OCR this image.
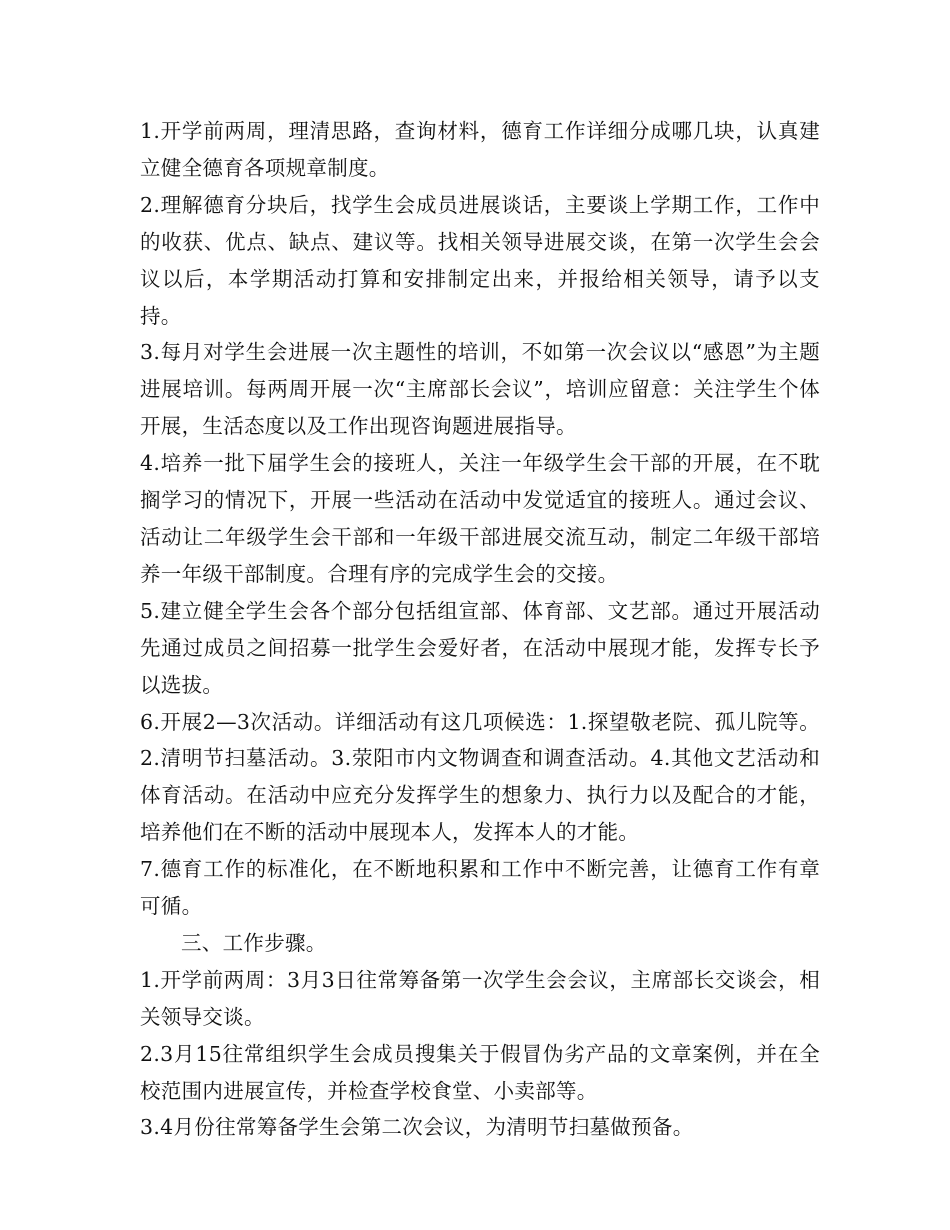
1.开学前两周，理清思路，查询材料，德育工作详细分成哪几块，认真建立健全德育各项规章制度。

2.理解德育分块后，找学生会成员进展谈话，主要谈上学期工作，工作中的收获、优点、缺点、建议等。找相关领导进展交谈，在第一次学生会会议以后，本学期活动打算和安排制定出来，并报给相关领导，请予以支持。

3.每月对学生会进展一次主题性的培训，不如第一次会议以“感恩”为主题进展培训。每两周开展一次“主席部长会议”，培训应留意：关注学生个体开展，生活态度以及工作出现咨询题进展指导。

4.培养一批下届学生会的接班人，关注一年级学生会干部的开展，在不耽搁学习的情况下，开展一些活动在活动中发觉适宜的接班人。通过会议、活动让二年级学生会干部和一年级干部进展交流互动，制定二年级干部培养一年级干部制度。合理有序的完成学生会的交接。

5.建立健全学生会各个部分包括组宣部、体育部、文艺部。通过开展活动先通过成员之间招募一批学生会爱好者，在活动中展现才能，发挥专长予以选拔。

6.开展2—3次活动。详细活动有这几项候选：1.探望敬老院、孤儿院等。2.清明节扫墓活动。3.荥阳市内文物调查和调查活动。4.其他文艺活动和体育活动。在活动中应充分发挥学生的想象力、执行力以及配合的才能，培养他们在不断的活动中展现本人，发挥本人的才能。

7.德育工作的标准化，在不断地积累和工作中不断完善，让德育工作有章可循。

三、工作步骤。

1.开学前两周：3月3日往常筹备第一次学生会会议，主席部长交谈会，相关领导交谈。

2.3月15往常组织学生会成员搜集关于假冒伪劣产品的文章案例，并在全校范围内进展宣传，并检查学校食堂、小卖部等。

3.4月份往常筹备学生会第二次会议，为清明节扫墓做预备。
